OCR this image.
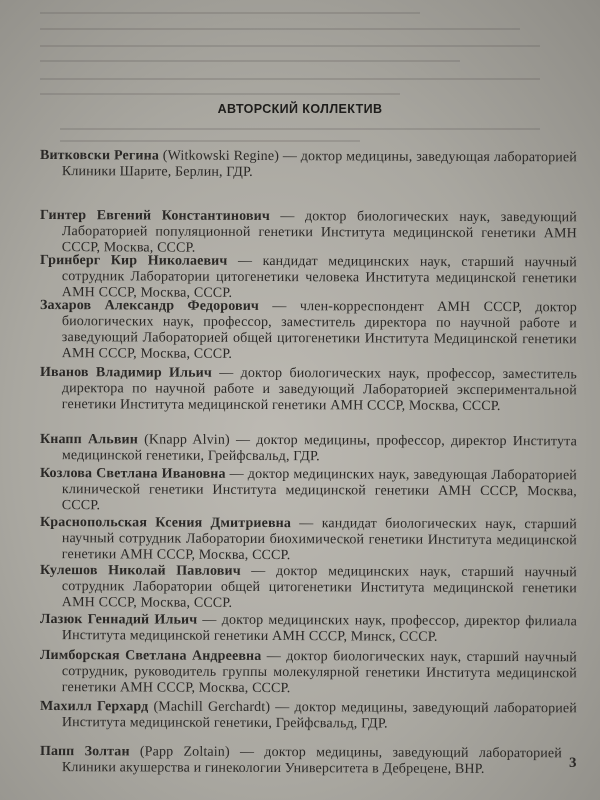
АВТОРСКИЙ КОЛЛЕКТИВ
Витковски Регина (Witkowski Regine) — доктор медицины, заведующая лабораторией Клиники Шарите, Берлин, ГДР.
Гинтер Евгений Константинович — доктор биологических наук, заведующий Лабораторией популяционной генетики Института медицинской генетики АМН СССР, Москва, СССР.
Гринберг Кир Николаевич — кандидат медицинских наук, старший научный сотрудник Лаборатории цитогенетики человека Института медицинской генетики АМН СССР, Москва, СССР.
Захаров Александр Федорович — член-корреспондент АМН СССР, доктор биологических наук, профессор, заместитель директора по научной работе и заведующий Лабораторией общей цитогенетики Института Медицинской генетики АМН СССР, Москва, СССР.
Иванов Владимир Ильич — доктор биологических наук, профессор, заместитель директора по научной работе и заведующий Лабораторией экспериментальной генетики Института медицинской генетики АМН СССР, Москва, СССР.
Кнапп Альвин (Knapp Alvin) — доктор медицины, профессор, директор Института медицинской генетики, Грейфсвальд, ГДР.
Козлова Светлана Ивановна — доктор медицинских наук, заведующая Лабораторией клинической генетики Института медицинской генетики АМН СССР, Москва, СССР.
Краснопольская Ксения Дмитриевна — кандидат биологических наук, старший научный сотрудник Лаборатории биохимической генетики Института медицинской генетики АМН СССР, Москва, СССР.
Кулешов Николай Павлович — доктор медицинских наук, старший научный сотрудник Лаборатории общей цитогенетики Института медицинской генетики АМН СССР, Москва, СССР.
Лазюк Геннадий Ильич — доктор медицинских наук, профессор, директор филиала Института медицинской генетики АМН СССР, Минск, СССР.
Лимборская Светлана Андреевна — доктор биологических наук, старший научный сотрудник, руководитель группы молекулярной генетики Института медицинской генетики АМН СССР, Москва, СССР.
Махилл Герхард (Machill Gerchardt) — доктор медицины, заведующий лабораторией Института медицинской генетики, Грейфсвальд, ГДР.
Папп Золтан (Papp Zoltain) — доктор медицины, заведующий лабораторией Клиники акушерства и гинекологии Университета в Дебрецене, ВНР.	3
